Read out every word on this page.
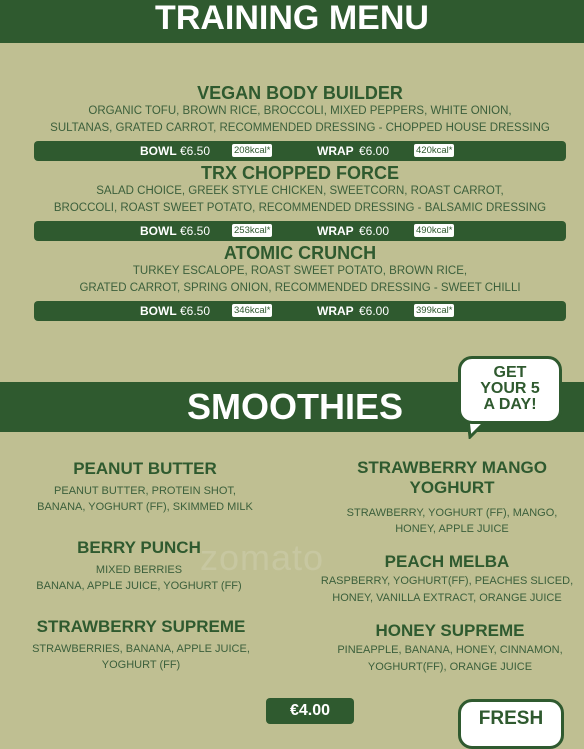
TRAINING MENU
VEGAN BODY BUILDER
ORGANIC TOFU, BROWN RICE, BROCCOLI, MIXED PEPPERS, WHITE ONION,
SULTANAS, GRATED CARROT, RECOMMENDED DRESSING - CHOPPED HOUSE DRESSING
BOWL €6.50	208kcal*	WRAP €6.00	420kcal*
TRX CHOPPED FORCE
SALAD CHOICE, GREEK STYLE CHICKEN, SWEETCORN, ROAST CARROT,
BROCCOLI, ROAST SWEET POTATO, RECOMMENDED DRESSING - BALSAMIC DRESSING
BOWL €6.50	253kcal*	WRAP €6.00	490kcal*
ATOMIC CRUNCH
TURKEY ESCALOPE, ROAST SWEET POTATO, BROWN RICE,
GRATED CARROT, SPRING ONION, RECOMMENDED DRESSING - SWEET CHILLI
BOWL €6.50	346kcal*	WRAP €6.00	399kcal*
SMOOTHIES
GET
YOUR 5
A DAY!
zomato
PEANUT BUTTER
PEANUT BUTTER, PROTEIN SHOT,
BANANA, YOGHURT (FF), SKIMMED MILK
BERRY PUNCH
MIXED BERRIES
BANANA, APPLE JUICE, YOGHURT (FF)
STRAWBERRY SUPREME
STRAWBERRIES, BANANA, APPLE JUICE,
YOGHURT (FF)
STRAWBERRY MANGO
YOGHURT
STRAWBERRY, YOGHURT (FF), MANGO,
HONEY, APPLE JUICE
PEACH MELBA
RASPBERRY, YOGHURT(FF), PEACHES SLICED,
HONEY, VANILLA EXTRACT, ORANGE JUICE
HONEY SUPREME
PINEAPPLE, BANANA, HONEY, CINNAMON,
YOGHURT(FF), ORANGE JUICE
€4.00	FRESH
